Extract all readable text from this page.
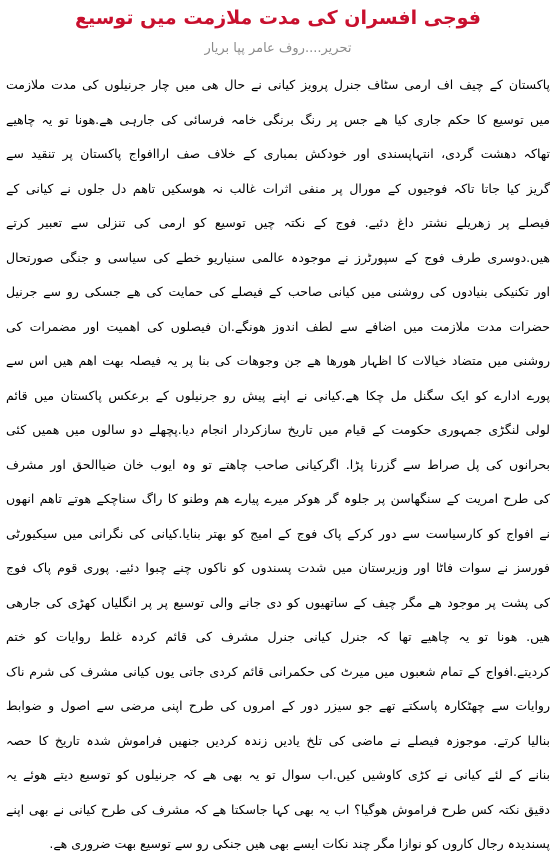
فوجی افسران کی مدت ملازمت میں توسیع
تحریر....روف عامر پپا بریار
پاکستان کے چیف اف ارمی سٹاف جنرل پرویز کیانی نے حال ھی میں چار جرنیلوں کی مدت ملازمت
میں توسیع کا حکم جاری کیا ھے جس پر رنگ برنگی خامہ فرسائی کی جارہی ھے.ھونا تو یہ چاھیے
تھاکہ دھشت گردی، انتہاپسندی اور خودکش بمباری کے خلاف صف اراافواج پاکستان پر تنقید سے
گریز کیا جاتا تاکہ فوجیوں کے مورال پر منفی اثرات غالب نہ ھوسکیں تاھم دل جلوں نے کیانی کے
فیصلے پر زھریلے نشتر داغ دئیے. فوج کے نکتہ چیں توسیع کو ارمی کی تنزلی سے تعبیر کرتے
ھیں.دوسری طرف فوج کے سپورٹرز نے موجودہ عالمی سنیاریو خطے کی سیاسی و جنگی صورتحال
اور تکنیکی بنیادوں کی روشنی میں کیانی صاحب کے فیصلے کی حمایت کی ھے جسکی رو سے جرنیل
حضرات مدت ملازمت میں اضافے سے لطف اندوز ھونگے.ان فیصلوں کی اھمیت اور مضمرات کی
روشنی میں متضاد خیالات کا اظہار ھورھا ھے جن وجوھات کی بنا پر یہ فیصلہ بھت اھم ھیں اس سے
پورے ادارے کو ایک سگنل مل چکا ھے.کیانی نے اپنے پیش رو جرنیلوں کے برعکس پاکستان میں قائم
لولی لنگڑی جمہوری حکومت کے قیام میں تاریخ سازکردار انجام دیا.پچھلے دو سالوں میں ھمیں کئی
بحرانوں کی پل صراط سے گزرنا پڑا. اگرکیانی صاحب چاھتے تو وہ ایوب خان ضیاالحق اور مشرف
کی طرح امریت کے سنگھاسن پر جلوہ گر ھوکر میرے پیارے ھم وطنو کا راگ سناچکے ھوتے تاھم انھوں
نے افواج کو کارسیاست سے دور کرکے پاک فوج کے امیج کو بھتر بنایا.کیانی کی نگرانی میں سیکیورٹی
فورسز نے سوات فاٹا اور وزیرستان میں شدت پسندوں کو ناکوں چنے چبوا دئیے. پوری قوم پاک فوج
کی پشت پر موجود ھے مگر چیف کے ساتھیوں کو دی جانے والی توسیع پر پر انگلیاں کھڑی کی جارھی
ھیں. ھونا تو یہ چاھیے تھا کہ جنرل کیانی جنرل مشرف کی قائم کردہ غلط روایات کو ختم
کردیتے.افواج کے تمام شعبوں میں میرٹ کی حکمرانی قائم کردی جاتی یوں کیانی مشرف کی شرم ناک
روایات سے چھٹکارہ پاسکتے تھے جو سیزر دور کے امروں کی طرح اپنی مرضی سے اصول و ضوابط
بنالیا کرتے. موجوزہ فیصلے نے ماضی کی تلخ یادیں زندہ کردیں جنھیں فراموش شدہ تاریخ کا حصہ
بنانے کے لئے کیانی نے کڑی کاوشیں کیں.اب سوال تو یہ بھی ھے کہ جرنیلوں کو توسیع دیتے ھوئے یہ
دقیق نکتہ کس طرح فراموش ھوگیا؟ اب یہ بھی کہا جاسکتا ھے کہ مشرف کی طرح کیانی نے بھی اپنے
پسندیدہ رجال کاروں کو نوازا مگر چند نکات ایسے بھی ھیں جنکی رو سے توسیع بھت ضروری ھے.
